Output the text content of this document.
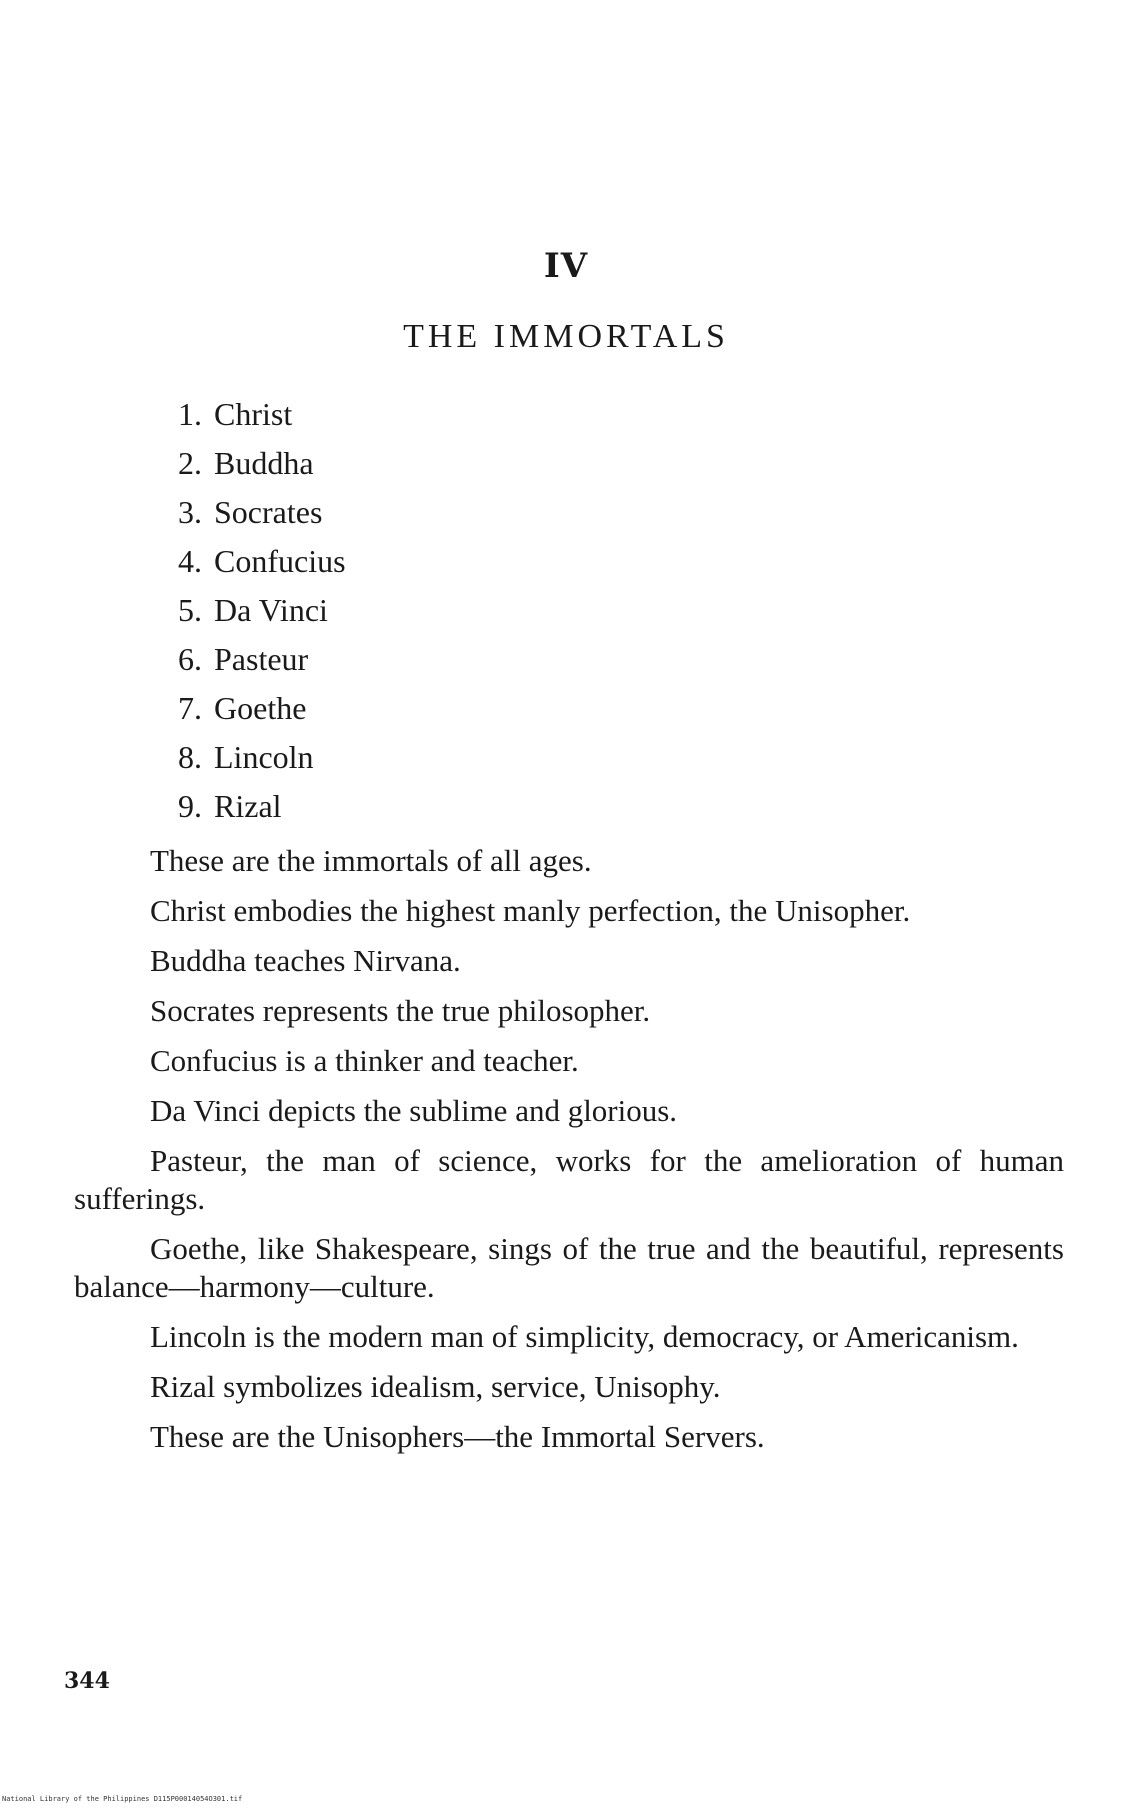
IV
THE IMMORTALS
1. Christ
2. Buddha
3. Socrates
4. Confucius
5. Da Vinci
6. Pasteur
7. Goethe
8. Lincoln
9. Rizal

These are the immortals of all ages.

Christ embodies the highest manly perfection, the Unisopher.

Buddha teaches Nirvana.

Socrates represents the true philosopher.

Confucius is a thinker and teacher.

Da Vinci depicts the sublime and glorious.

Pasteur, the man of science, works for the amelioration of human sufferings.

Goethe, like Shakespeare, sings of the true and the beautiful, represents balance—harmony—culture.

Lincoln is the modern man of simplicity, democracy, or Americanism.

Rizal symbolizes idealism, service, Unisophy.

These are the Unisophers—the Immortal Servers.

344
National Library of the Philippines D115P00014054O301.tif
